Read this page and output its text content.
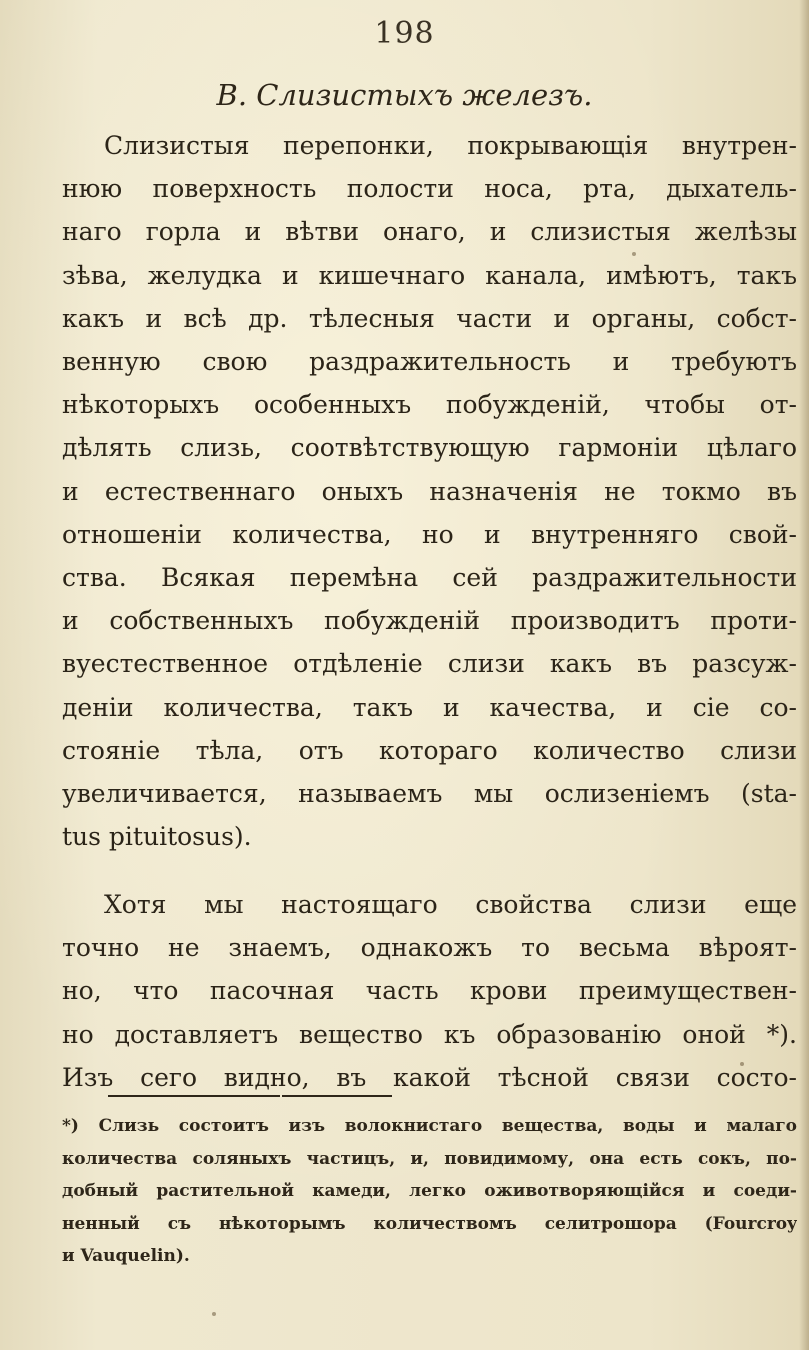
198
В. Слизистыхъ железъ.
Слизистыя перепонки, покрывающія внутрен-
нюю поверхность полости носа, рта, дыхатель-
наго горла и вѣтви онаго, и слизистыя желѣзы
зѣва, желудка и кишечнаго канала, имѣютъ, такъ
какъ и всѣ др. тѣлесныя части и органы, собст-
венную свою раздражительность и требуютъ
нѣкоторыхъ особенныхъ побужденій, чтобы от-
дѣлять слизь, соотвѣтствующую гармоніи цѣлаго
и естественнаго оныхъ назначенія не токмо въ
отношеніи количества, но и внутренняго свой-
ства. Всякая перемѣна сей раздражительности
и собственныхъ побужденій производитъ проти-
вуестественное отдѣленіе слизи какъ въ разсуж-
деніи количества, такъ и качества, и сіе со-
стояніе тѣла, отъ котораго количество слизи
увеличивается, называемъ мы ослизеніемъ (sta-
tus pituitosus).
Хотя мы настоящаго свойства слизи еще
точно не знаемъ, однакожъ то весьма вѣроят-
но, что пасочная часть крови преимуществен-
но доставляетъ вещество къ образованію оной *).
Изъ сего видно, въ какой тѣсной связи состо-
*) Слизь состоитъ изъ волокнистаго вещества, воды и малаго
количества соляныхъ частицъ, и, повидимому, она есть сокъ, по-
добный растительной камеди, легко оживотворяющійся и соеди-
ненный съ нѣкоторымъ количествомъ селитрошора (Fourcroy
и Vauquelin).
